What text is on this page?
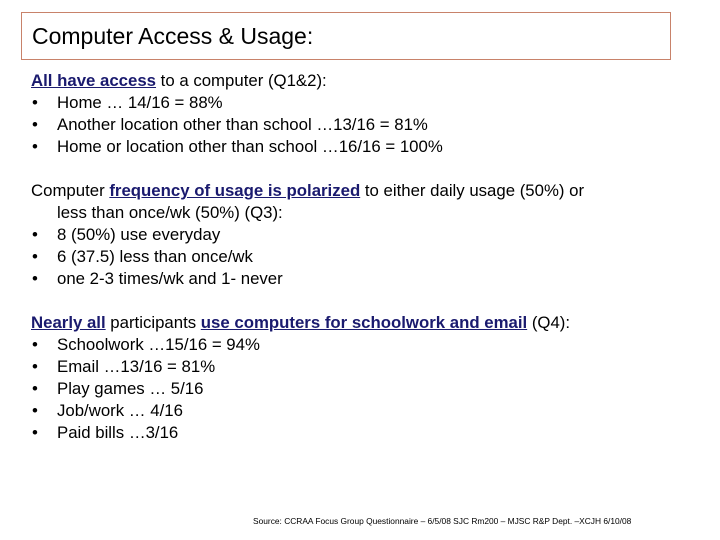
Computer Access & Usage:

All have access to a computer (Q1&2):

• Home … 14/16 = 88%
• Another location other than school …13/16 = 81%
• Home or location other than school …16/16 = 100%

Computer frequency of usage is polarized to either daily usage (50%) or

less than once/wk (50%) (Q3):

• 8 (50%) use everyday
• 6 (37.5) less than once/wk
• one 2-3 times/wk and 1- never

Nearly all participants use computers for schoolwork and email (Q4):

• Schoolwork …15/16 = 94%
• Email …13/16 = 81%
• Play games … 5/16
• Job/work … 4/16
• Paid bills …3/16
Source: CCRAA Focus Group Questionnaire – 6/5/08 SJC Rm200 – MJSC R&P Dept. –XCJH 6/10/08
